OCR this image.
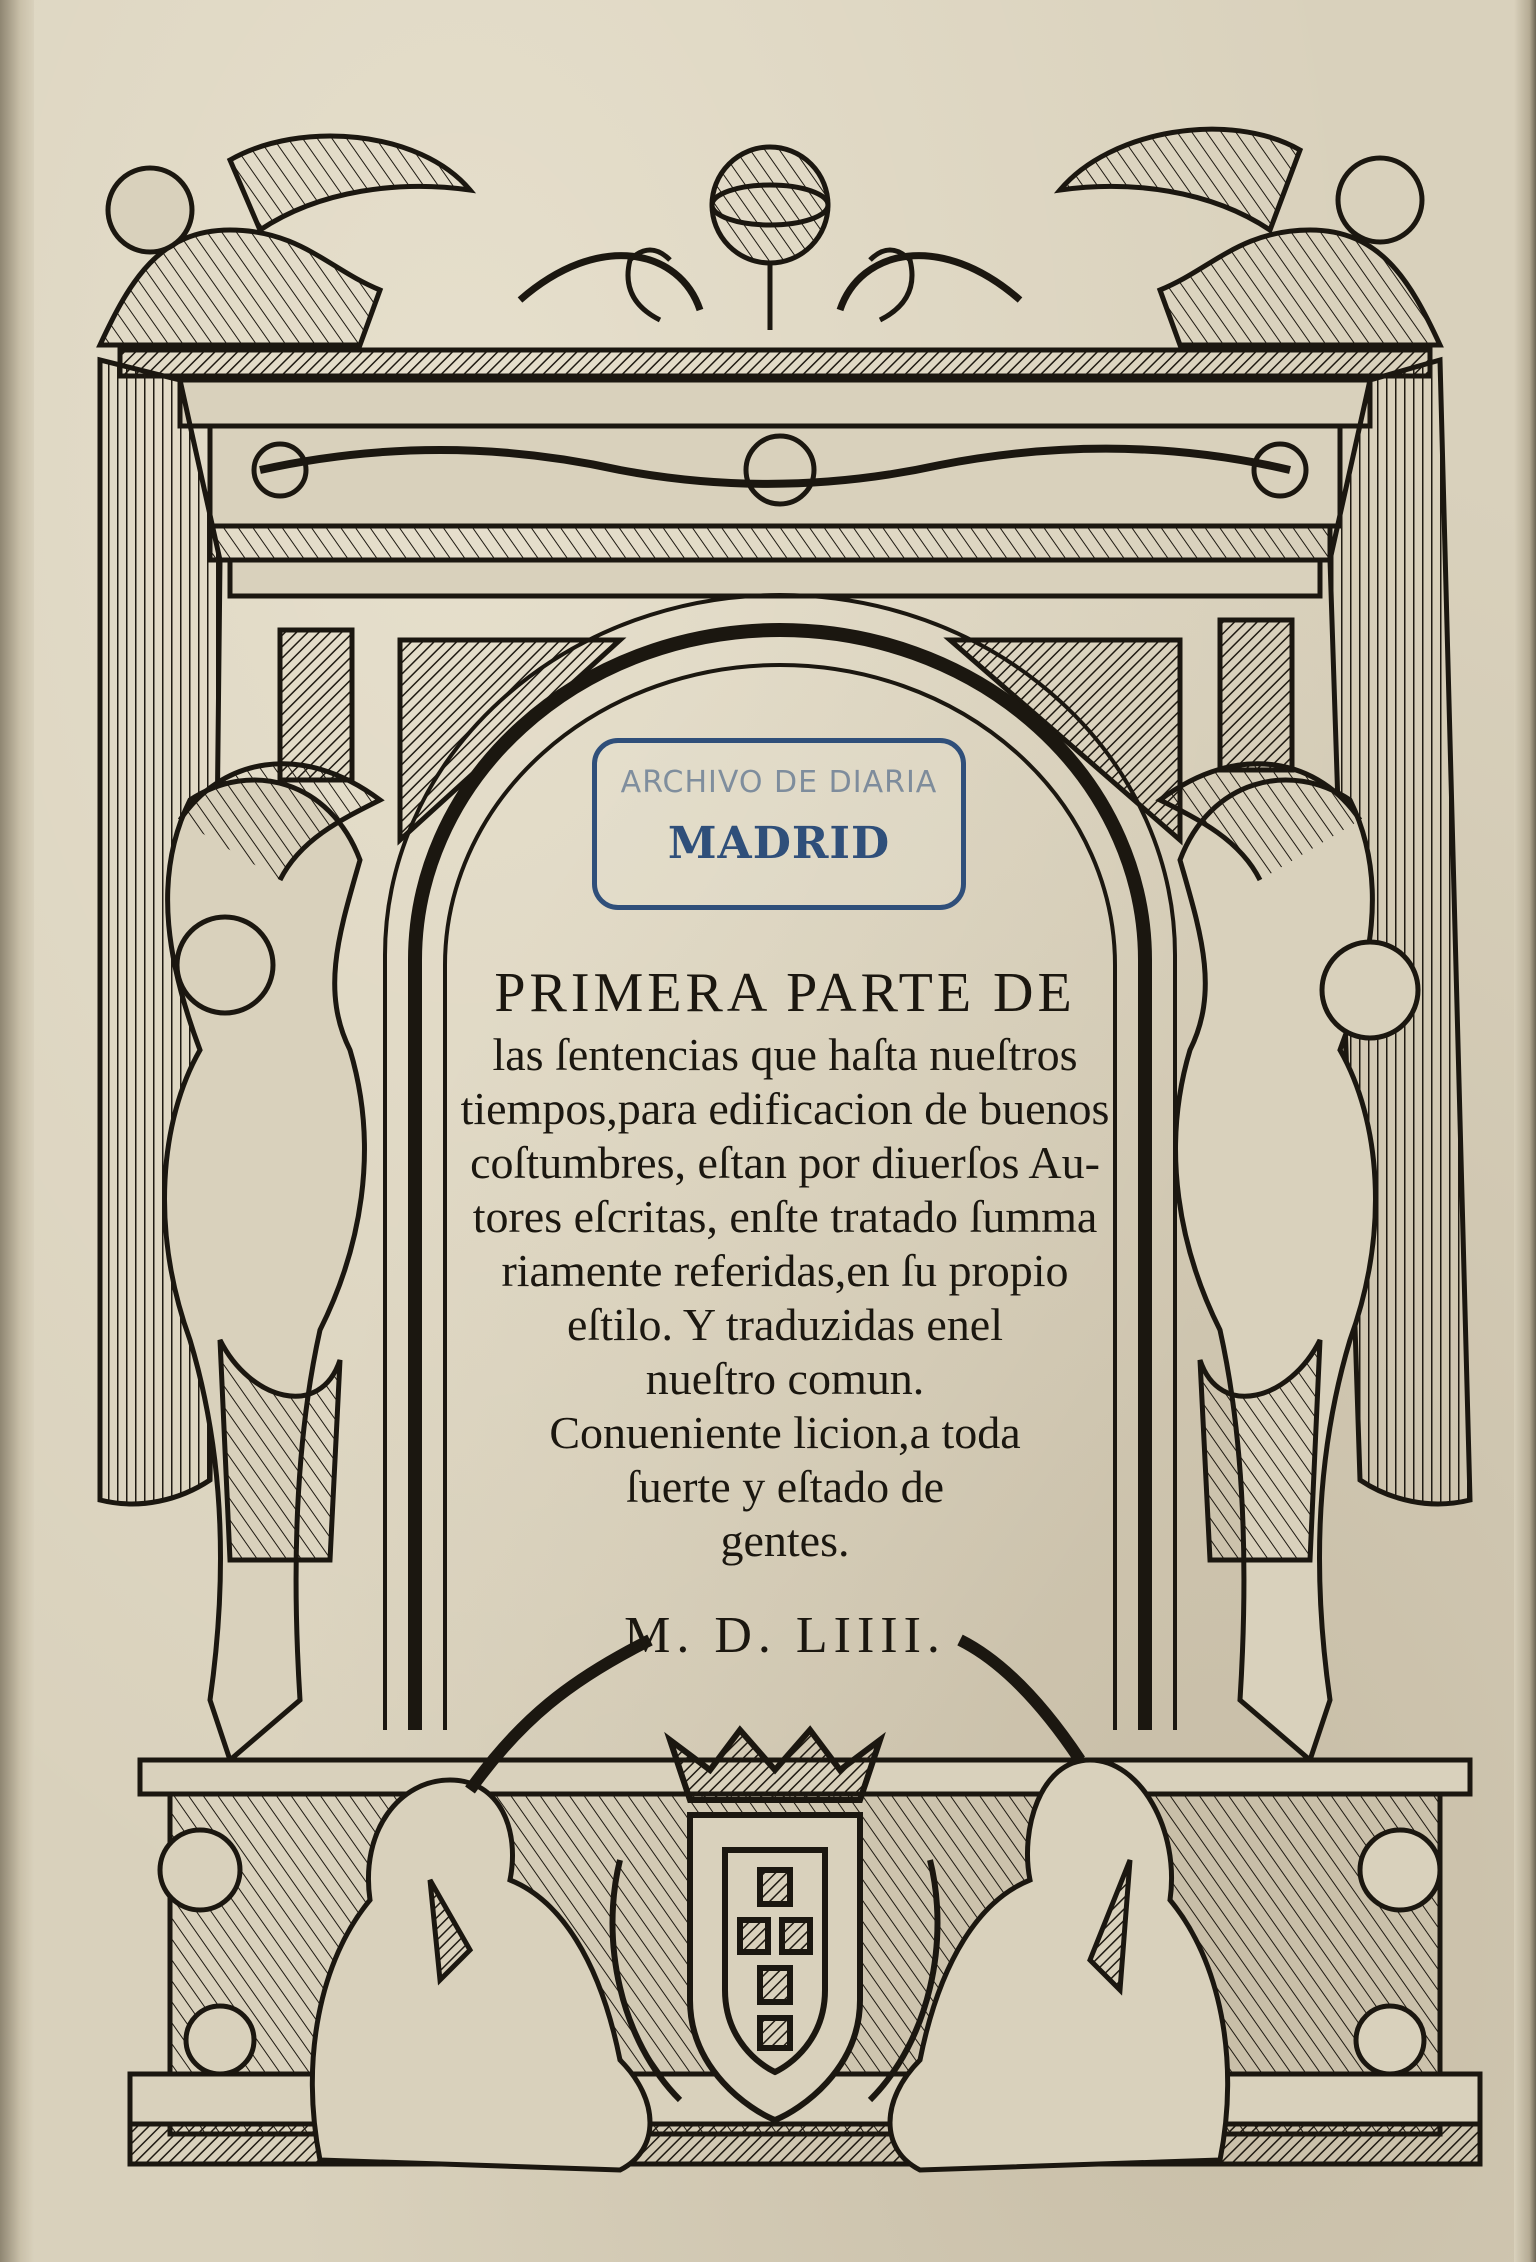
ARCHIVO DE DIARIA
MADRID
PRIMERA PARTE DE
las ſentencias que haſta nueſtros
tiempos,para edificacion de buenos
coſtumbres, eſtan por diuerſos Au-
tores eſcritas, enſte tratado ſumma
riamente referidas,en ſu propio
eſtilo. Y traduzidas enel
nueſtro comun.
Conueniente licion,a toda
ſuerte y eſtado de
gentes.
M. D. LIIII.
